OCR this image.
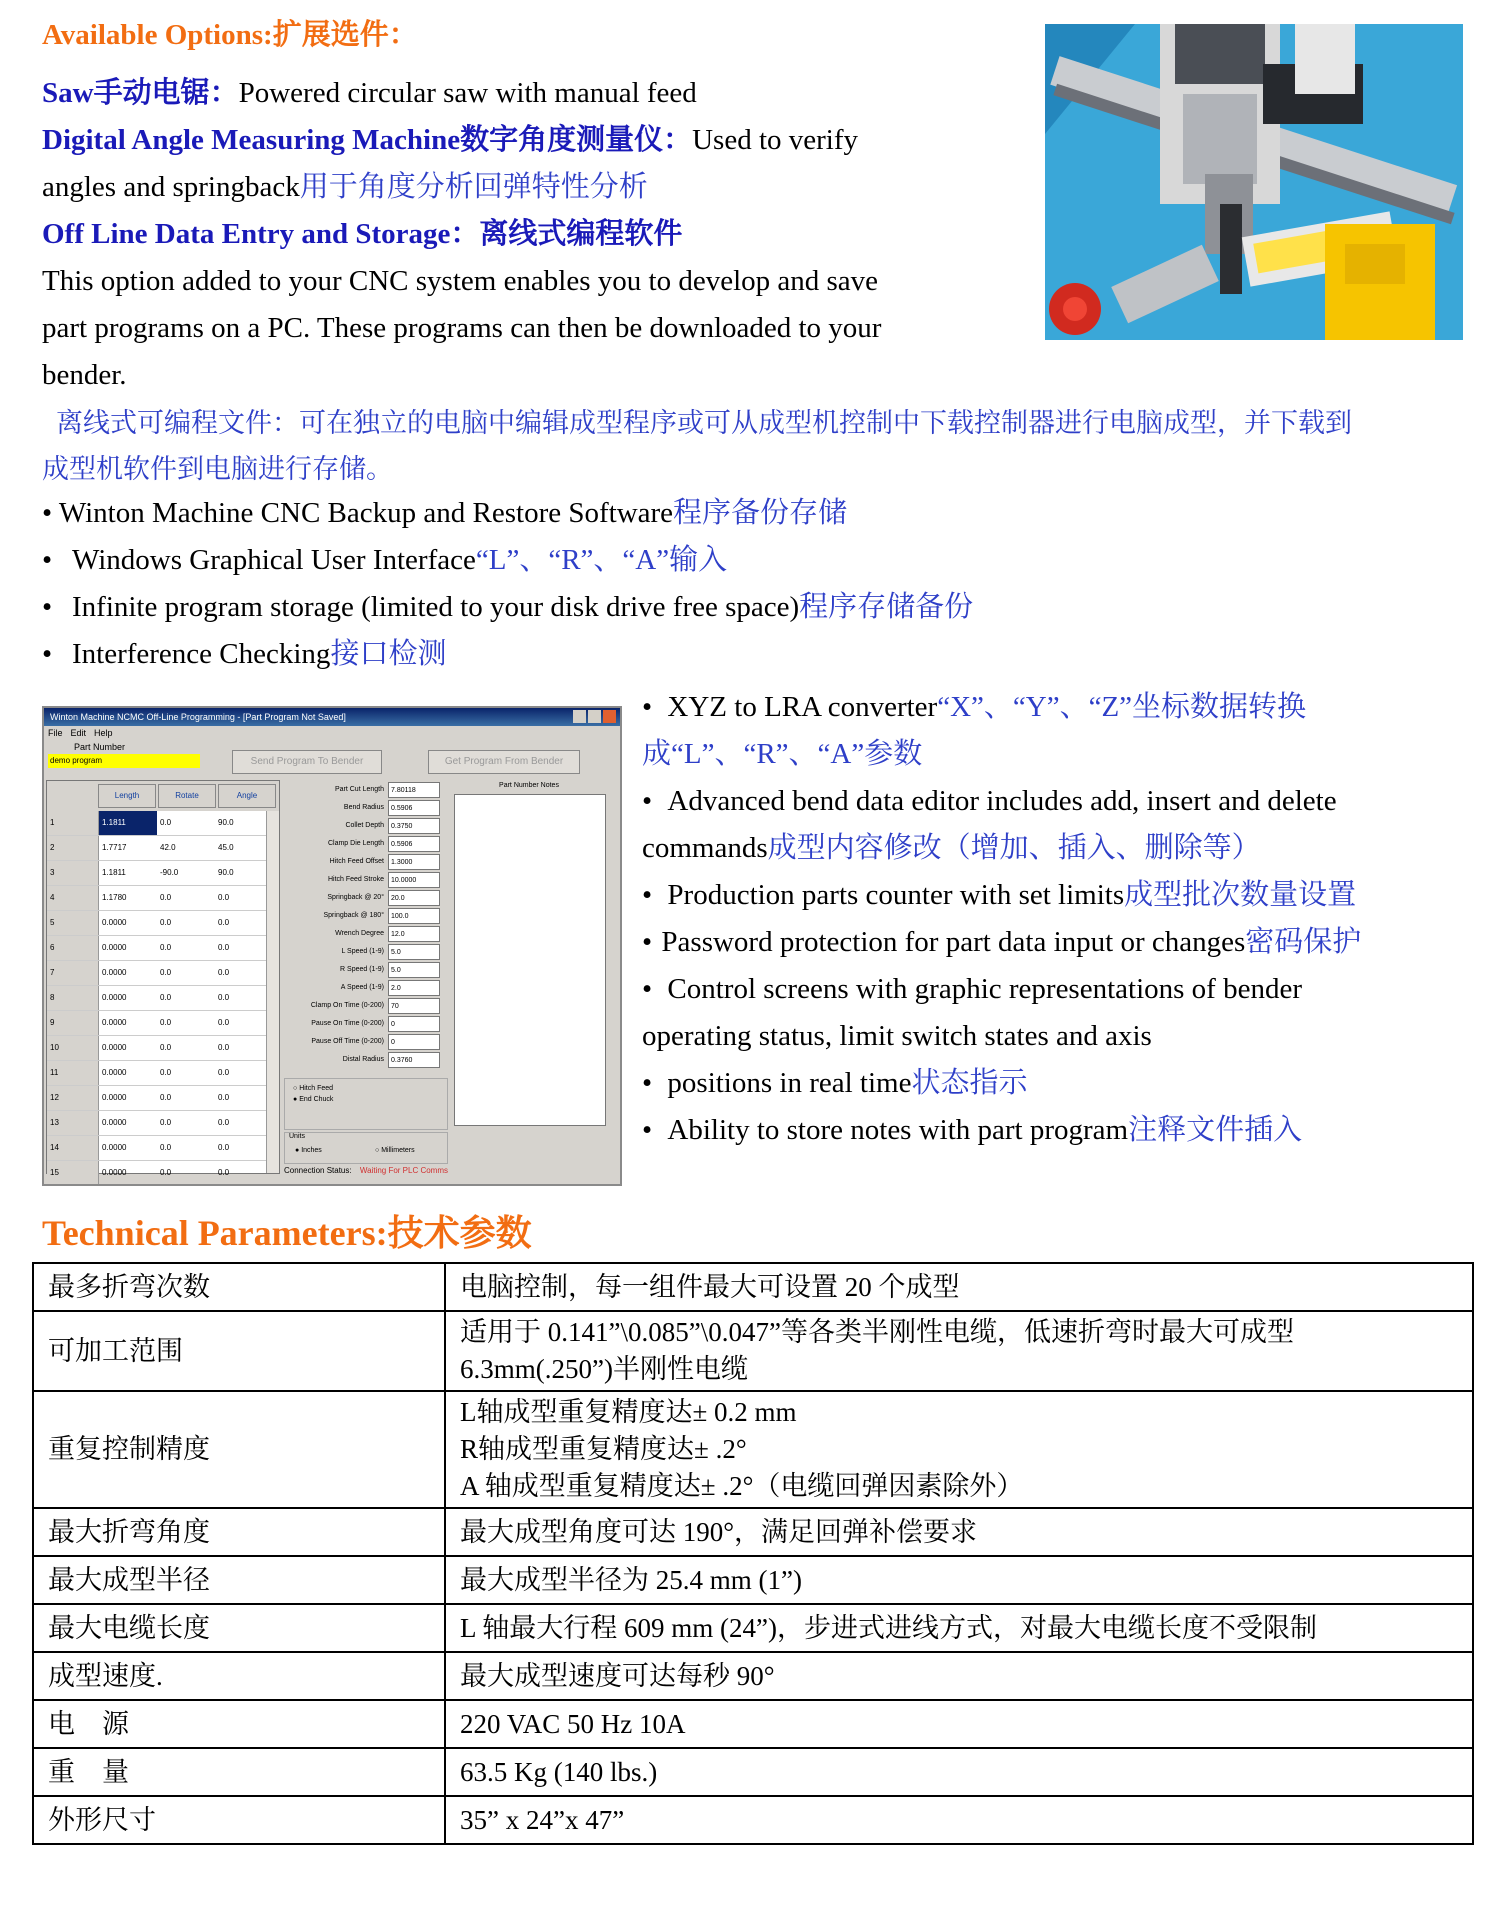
Available Options:扩展选件：
Saw手动电锯：Powered circular saw with manual feed
Digital Angle Measuring Machine数字角度测量仪：Used to verify
angles and springback用于角度分析回弹特性分析
Off Line Data Entry and Storage：离线式编程软件
This option added to your CNC system enables you to develop and save
part programs on a PC. These programs can then be downloaded to your
bender.
离线式可编程文件：可在独立的电脑中编辑成型程序或可从成型机控制中下载控制器进行电脑成型，并下载到
成型机软件到电脑进行存储。
• Winton Machine CNC Backup and Restore Software程序备份存储
• Windows Graphical User Interface“L”、“R”、“A”输入
• Infinite program storage (limited to your disk drive free space)程序存储备份
• Interference Checking接口检测
Winton Machine NCMC Off-Line Programming - [Part Program Not Saved]
File Edit Help
Part Number
demo program	Send Program To Bender	Get Program From Bender
Length	Rotate	Angle
1	1.1811	0.0	90.0
2	1.7717	42.0	45.0
3	1.1811	-90.0	90.0
4	1.1780	0.0	0.0
5	0.0000	0.0	0.0
6	0.0000	0.0	0.0
7	0.0000	0.0	0.0
8	0.0000	0.0	0.0
9	0.0000	0.0	0.0
10	0.0000	0.0	0.0
11	0.0000	0.0	0.0
12	0.0000	0.0	0.0
13	0.0000	0.0	0.0
14	0.0000	0.0	0.0
15	0.0000	0.0	0.0
Part Cut Length	7.80118
Bend Radius	0.5906
Collet Depth	0.3750
Clamp Die Length	0.5906
Hitch Feed Offset	1.3000
Hitch Feed Stroke	10.0000
Springback @ 20°	20.0
Springback @ 180°	100.0
Wrench Degree	12.0
L Speed (1-9)	5.0
R Speed (1-9)	5.0
A Speed (1-9)	2.0
Clamp On Time (0-200)	70
Pause On Time (0-200)	0
Pause Off Time (0-200)	0
Distal Radius	0.3760
Part Number Notes
○ Hitch Feed
● End Chuck
Units
● Inches	○ Millimeters
Connection Status: Waiting For PLC Comms
• XYZ to LRA converter“X”、“Y”、“Z”坐标数据转换
成“L”、“R”、“A”参数
• Advanced bend data editor includes add, insert and delete
commands成型内容修改（增加、插入、删除等）
• Production parts counter with set limits成型批次数量设置
• Password protection for part data input or changes密码保护
• Control screens with graphic representations of bender
operating status, limit switch states and axis
• positions in real time状态指示
• Ability to store notes with part program注释文件插入
Technical Parameters:技术参数
最多折弯次数	电脑控制，每一组件最大可设置 20 个成型

可加工范围	适用于 0.141”\0.085”\0.047”等各类半刚性电缆，低速折弯时最大可成型
6.3mm(.250”)半刚性电缆

重复控制精度	L轴成型重复精度达± 0.2 mm
R轴成型重复精度达± .2°
A 轴成型重复精度达± .2°（电缆回弹因素除外）

最大折弯角度	最大成型角度可达 190°，满足回弹补偿要求

最大成型半径	最大成型半径为 25.4 mm (1”)

最大电缆长度	L 轴最大行程 609 mm (24”)，步进式进线方式，对最大电缆长度不受限制

成型速度.	最大成型速度可达每秒 90°

电　源	220 VAC 50 Hz 10A

重　量	63.5 Kg (140 lbs.)

外形尺寸	35” x 24”x 47”
